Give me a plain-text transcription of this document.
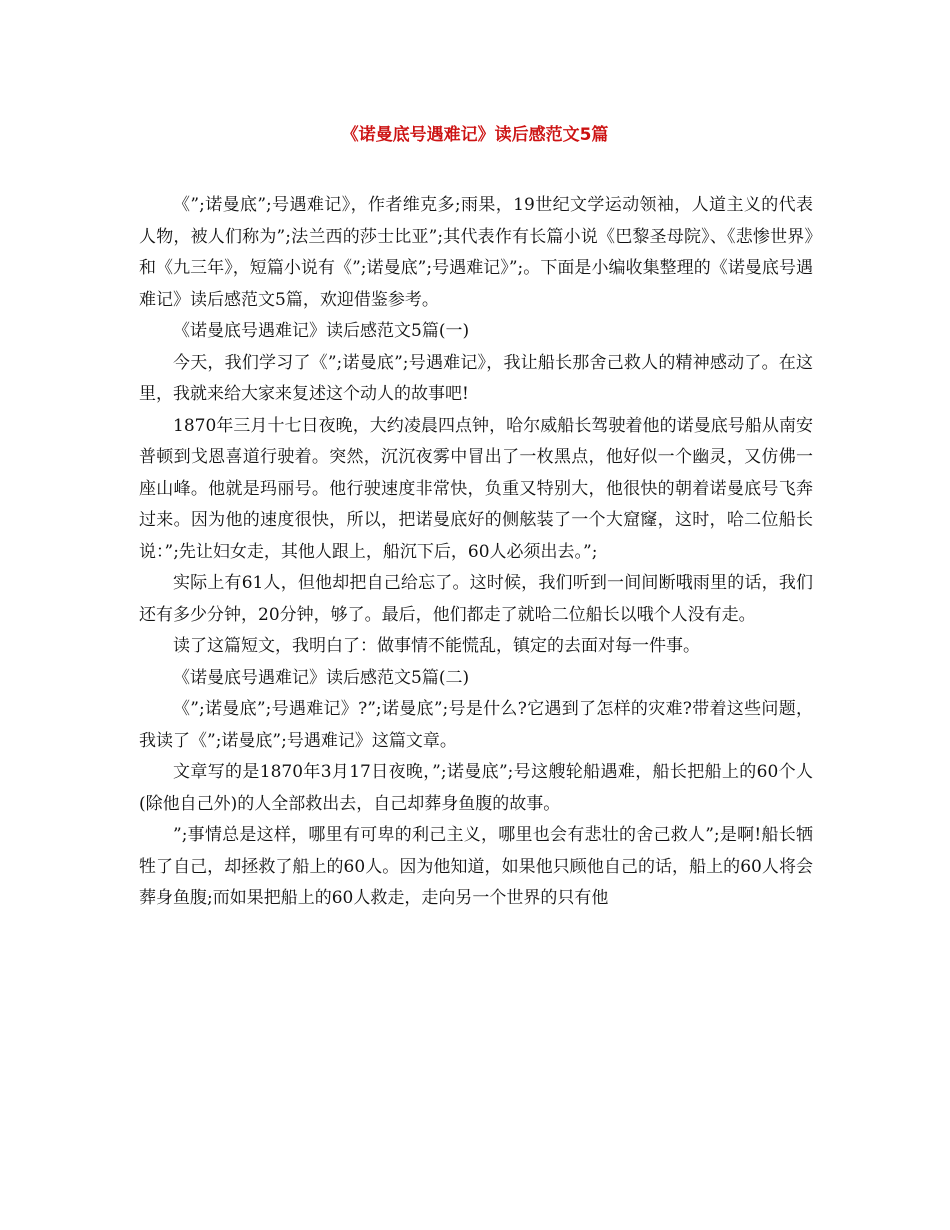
《诺曼底号遇难记》读后感范文5篇

《”;诺曼底”;号遇难记》，作者维克多;雨果，19世纪文学运动领袖，人道主义的代表人物，被人们称为”;法兰西的莎士比亚”;其代表作有长篇小说《巴黎圣母院》、《悲惨世界》和《九三年》，短篇小说有《”;诺曼底”;号遇难记》”;。下面是小编收集整理的《诺曼底号遇难记》读后感范文5篇，欢迎借鉴参考。

《诺曼底号遇难记》读后感范文5篇(一)

今天，我们学习了《”;诺曼底”;号遇难记》，我让船长那舍己救人的精神感动了。在这里，我就来给大家来复述这个动人的故事吧!

1870年三月十七日夜晚，大约凌晨四点钟，哈尔威船长驾驶着他的诺曼底号船从南安普顿到戈恩喜道行驶着。突然，沉沉夜雾中冒出了一枚黑点，他好似一个幽灵，又仿佛一座山峰。他就是玛丽号。他行驶速度非常快，负重又特别大，他很快的朝着诺曼底号飞奔过来。因为他的速度很快，所以，把诺曼底好的侧舷装了一个大窟窿，这时，哈二位船长说：”;先让妇女走，其他人跟上，船沉下后，60人必须出去。”;

实际上有61人，但他却把自己给忘了。这时候，我们听到一间间断哦雨里的话，我们还有多少分钟，20分钟，够了。最后，他们都走了就哈二位船长以哦个人没有走。

读了这篇短文，我明白了：做事情不能慌乱，镇定的去面对每一件事。

《诺曼底号遇难记》读后感范文5篇(二)

《”;诺曼底”;号遇难记》?”;诺曼底”;号是什么?它遇到了怎样的灾难?带着这些问题，我读了《”;诺曼底”;号遇难记》这篇文章。

文章写的是1870年3月17日夜晚，”;诺曼底”;号这艘轮船遇难，船长把船上的60个人(除他自己外)的人全部救出去，自己却葬身鱼腹的故事。

”;事情总是这样，哪里有可卑的利己主义，哪里也会有悲壮的舍己救人”;是啊!船长牺牲了自己，却拯救了船上的60人。因为他知道，如果他只顾他自己的话，船上的60人将会葬身鱼腹;而如果把船上的60人救走，走向另一个世界的只有他
